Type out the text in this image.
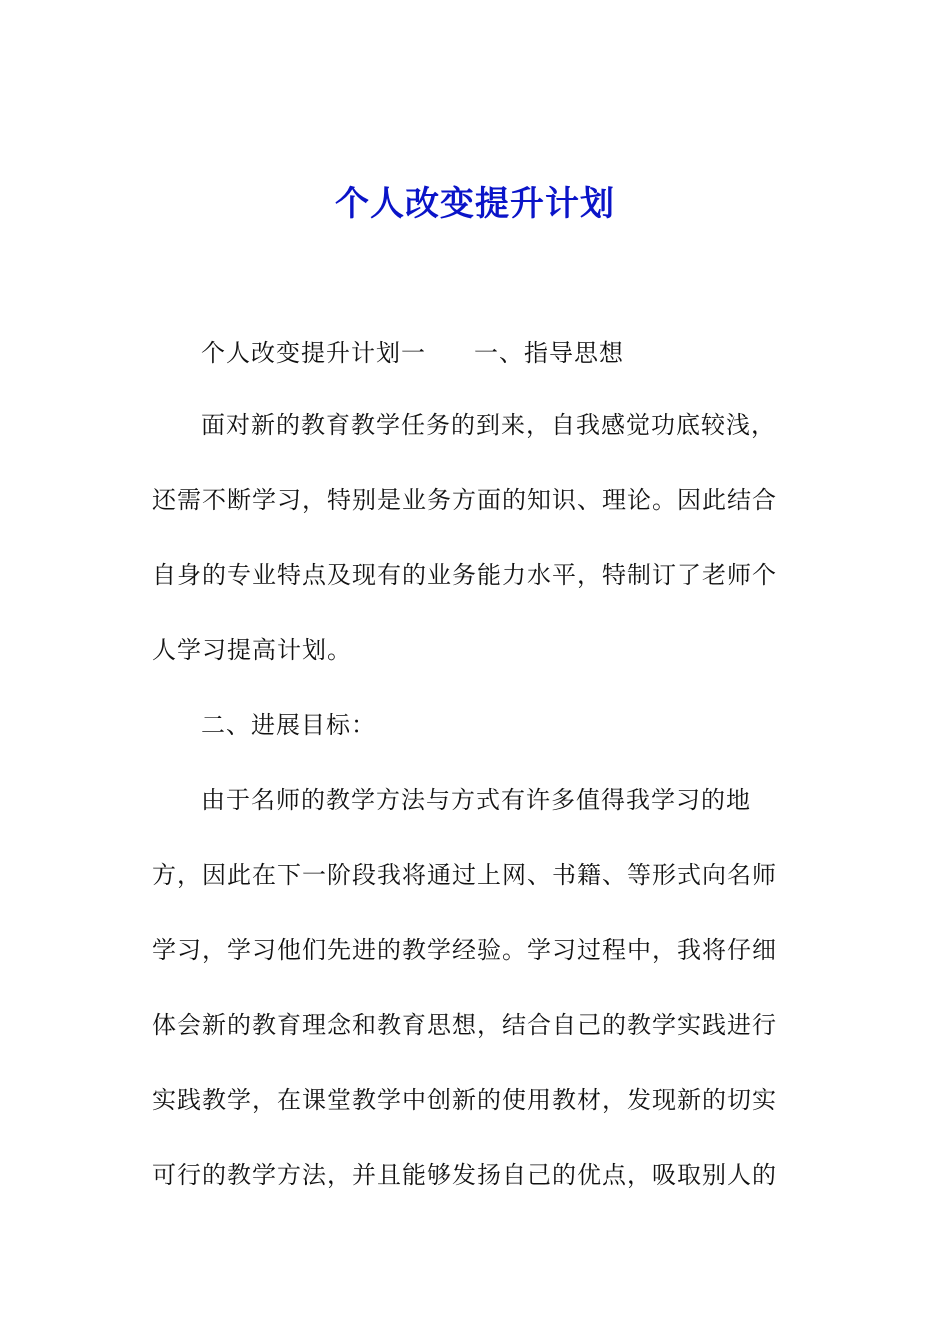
个人改变提升计划
个人改变提升计划一 一、指导思想
面对新的教育教学任务的到来，自我感觉功底较浅，
还需不断学习，特别是业务方面的知识、理论。因此结合
自身的专业特点及现有的业务能力水平，特制订了老师个
人学习提高计划。
二、进展目标：
由于名师的教学方法与方式有许多值得我学习的地
方，因此在下一阶段我将通过上网、书籍、等形式向名师
学习，学习他们先进的教学经验。学习过程中，我将仔细
体会新的教育理念和教育思想，结合自己的教学实践进行
实践教学，在课堂教学中创新的使用教材，发现新的切实
可行的教学方法，并且能够发扬自己的优点，吸取别人的
